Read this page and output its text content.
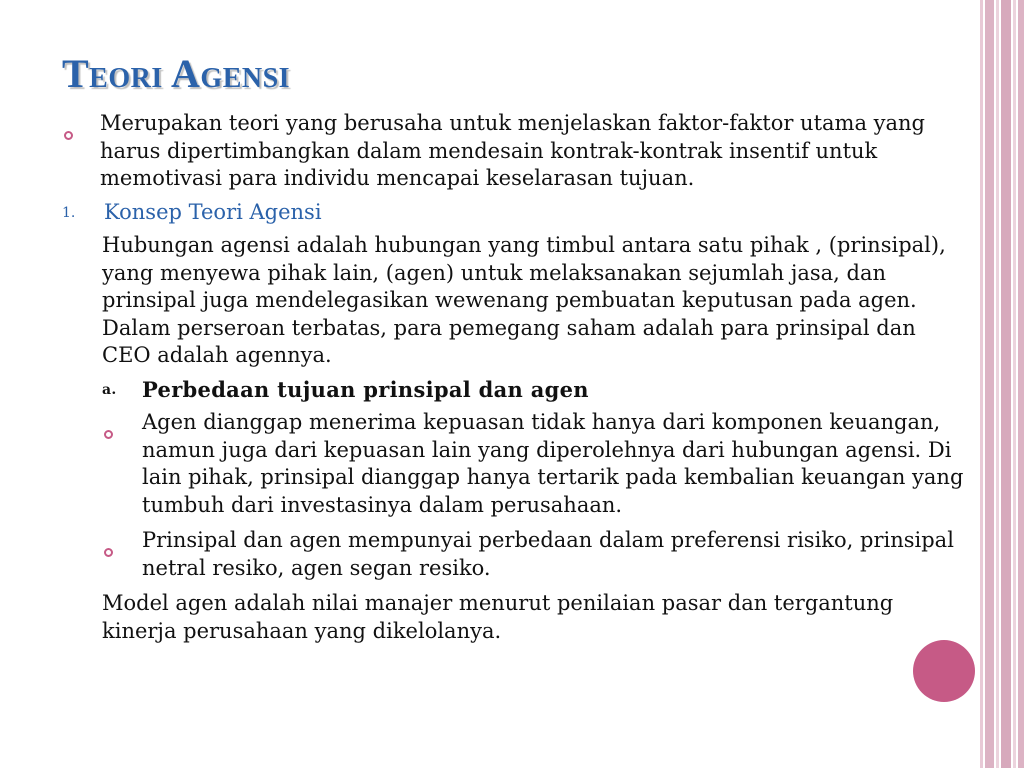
Teori Agensi
Merupakan teori yang berusaha untuk menjelaskan faktor-faktor utama yang harus dipertimbangkan dalam mendesain kontrak-kontrak insentif untuk memotivasi para individu mencapai keselarasan tujuan.
1. Konsep Teori Agensi
Hubungan agensi adalah hubungan yang timbul antara satu pihak , (prinsipal), yang menyewa pihak lain, (agen) untuk melaksanakan sejumlah jasa, dan prinsipal juga mendelegasikan wewenang pembuatan keputusan pada agen. Dalam perseroan terbatas, para pemegang saham adalah para prinsipal dan CEO adalah agennya.
a. Perbedaan tujuan prinsipal dan agen
Agen dianggap menerima kepuasan tidak hanya dari komponen keuangan, namun juga dari kepuasan lain yang diperolehnya dari hubungan agensi. Di lain pihak, prinsipal dianggap hanya tertarik pada kembalian keuangan yang tumbuh dari investasinya dalam perusahaan.
Prinsipal dan agen mempunyai perbedaan dalam preferensi risiko, prinsipal netral resiko, agen segan resiko.
Model agen adalah nilai manajer menurut penilaian pasar dan tergantung kinerja perusahaan yang dikelolanya.
